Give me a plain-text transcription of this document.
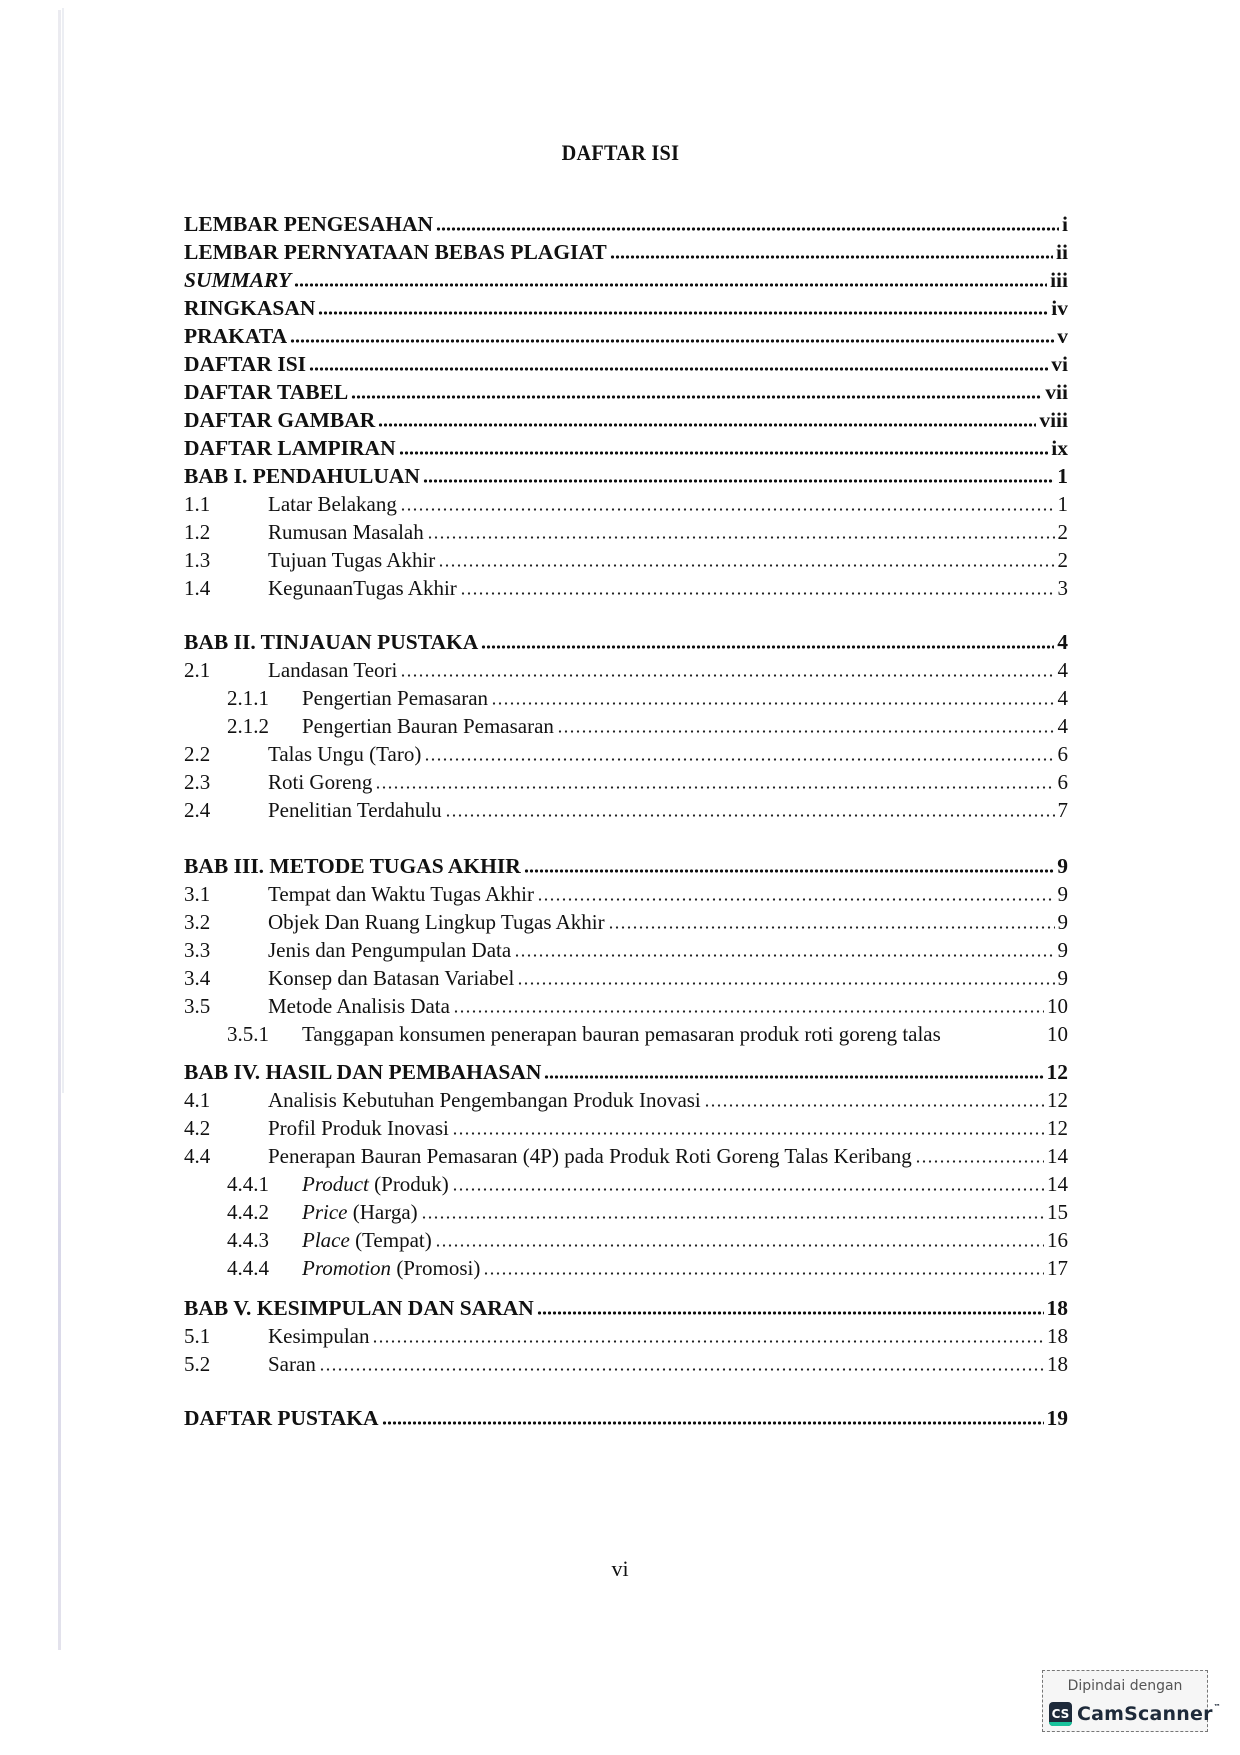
DAFTAR ISI
LEMBAR PENGESAHAN	i
LEMBAR PERNYATAAN BEBAS PLAGIAT	ii
SUMMARY	iii
RINGKASAN	iv
PRAKATA	v
DAFTAR ISI	vi
DAFTAR TABEL	vii
DAFTAR GAMBAR	viii
DAFTAR LAMPIRAN	ix
BAB I. PENDAHULUAN	1
1.1	Latar Belakang	1
1.2	Rumusan Masalah	2
1.3	Tujuan Tugas Akhir	2
1.4	KegunaanTugas Akhir	3
BAB II. TINJAUAN PUSTAKA	4
2.1	Landasan Teori	4
2.1.1	Pengertian Pemasaran	4
2.1.2	Pengertian Bauran Pemasaran	4
2.2	Talas Ungu (Taro)	6
2.3	Roti Goreng	6
2.4	Penelitian Terdahulu	7
BAB III. METODE TUGAS AKHIR	9
3.1	Tempat dan Waktu Tugas Akhir	9
3.2	Objek Dan Ruang Lingkup Tugas Akhir	9
3.3	Jenis dan Pengumpulan Data	9
3.4	Konsep dan Batasan Variabel	9
3.5	Metode Analisis Data	10
3.5.1	Tanggapan konsumen penerapan bauran pemasaran produk roti goreng talas	10
BAB IV. HASIL DAN PEMBAHASAN	12
4.1	Analisis Kebutuhan Pengembangan Produk Inovasi	12
4.2	Profil Produk Inovasi	12
4.4	Penerapan Bauran Pemasaran (4P) pada Produk Roti Goreng Talas Keribang	14
4.4.1	Product (Produk)	14
4.4.2	Price (Harga)	15
4.4.3	Place (Tempat)	16
4.4.4	Promotion (Promosi)	17
BAB V. KESIMPULAN DAN SARAN	18
5.1	Kesimpulan	18
5.2	Saran	18
DAFTAR PUSTAKA	19
vi
Dipindai dengan
CS CamScanner™
